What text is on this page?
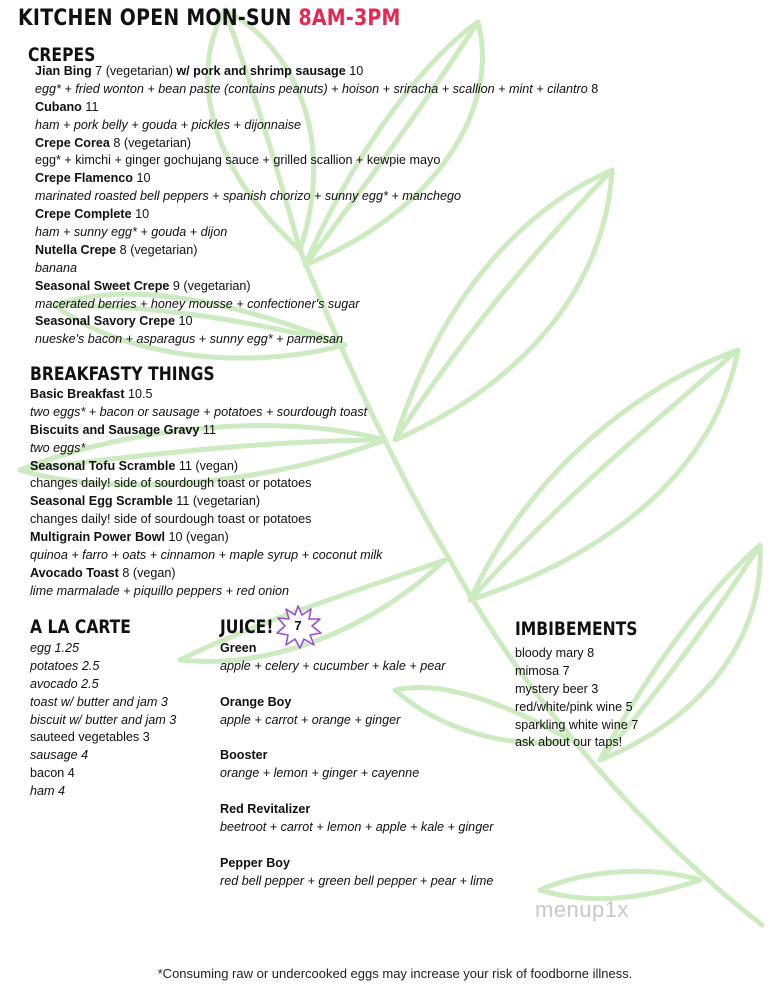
KITCHEN OPEN MON-SUN 8AM-3PM
CREPES
Jian Bing 7 (vegetarian) w/ pork and shrimp sausage 10
egg* + fried wonton + bean paste (contains peanuts) + hoison + sriracha + scallion + mint + cilantro 8
Cubano 11
ham + pork belly + gouda + pickles + dijonnaise
Crepe Corea 8 (vegetarian)
egg* + kimchi + ginger gochujang sauce + grilled scallion + kewpie mayo
Crepe Flamenco 10
marinated roasted bell peppers + spanish chorizo + sunny egg* + manchego
Crepe Complete 10
ham + sunny egg* + gouda + dijon
Nutella Crepe 8 (vegetarian)
banana
Seasonal Sweet Crepe 9 (vegetarian)
macerated berries + honey mousse + confectioner's sugar
Seasonal Savory Crepe 10
nueske's bacon + asparagus + sunny egg* + parmesan
BREAKFASTY THINGS
Basic Breakfast 10.5
two eggs* + bacon or sausage + potatoes + sourdough toast
Biscuits and Sausage Gravy 11
two eggs*
Seasonal Tofu Scramble 11 (vegan)
changes daily! side of sourdough toast or potatoes
Seasonal Egg Scramble 11 (vegetarian)
changes daily! side of sourdough toast or potatoes
Multigrain Power Bowl 10 (vegan)
quinoa + farro + oats + cinnamon + maple syrup + coconut milk
Avocado Toast 8 (vegan)
lime marmalade + piquillo peppers + red onion
A LA CARTE
egg 1.25
potatoes 2.5
avocado 2.5
toast w/ butter and jam 3
biscuit w/ butter and jam 3
sauteed vegetables 3
sausage 4
bacon 4
ham 4
JUICE!	7
Green
apple + celery + cucumber + kale + pear
Orange Boy
apple + carrot + orange + ginger
Booster
orange + lemon + ginger + cayenne
Red Revitalizer
beetroot + carrot + lemon + apple + kale + ginger
Pepper Boy
red bell pepper + green bell pepper + pear + lime
IMBIBEMENTS
bloody mary 8
mimosa 7
mystery beer 3
red/white/pink wine 5
sparkling white wine 7
ask about our taps!
menup1x
*Consuming raw or undercooked eggs may increase your risk of foodborne illness.
